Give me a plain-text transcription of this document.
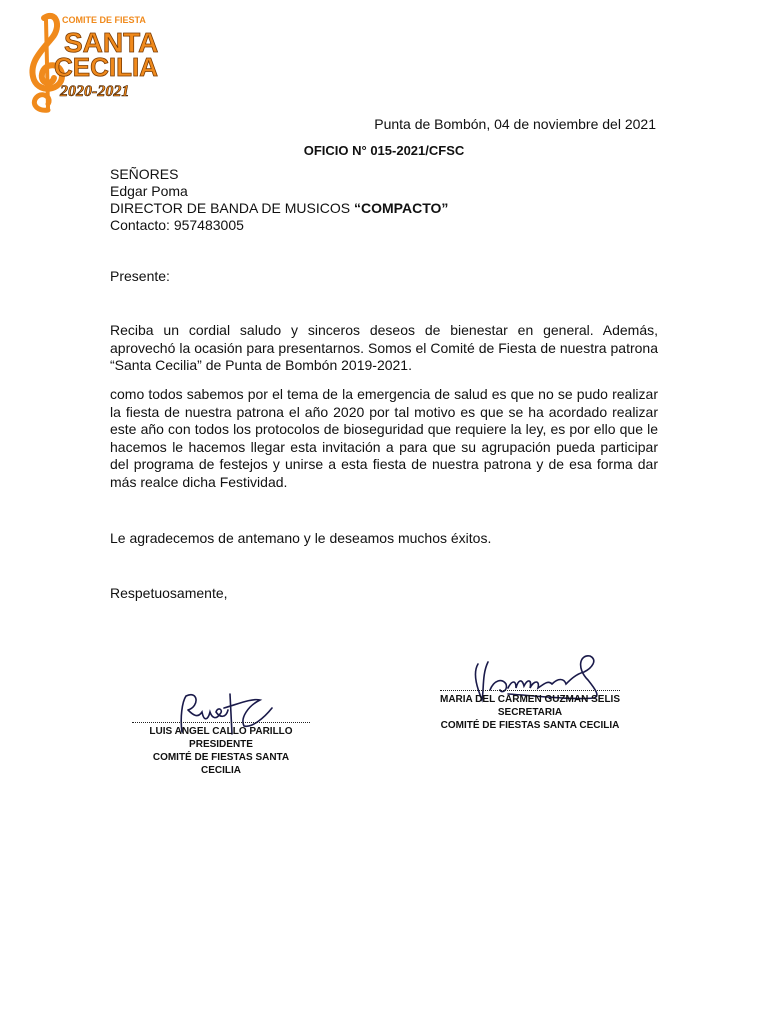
COMITE DE FIESTA
SANTA
CECILIA
2020-2021
Punta de Bombón, 04 de noviembre del 2021
OFICIO N° 015-2021/CFSC
SEÑORES
Edgar Poma
DIRECTOR DE BANDA DE MUSICOS “COMPACTO”
Contacto: 957483005
Presente:
Reciba un cordial saludo y sinceros deseos de bienestar en general. Además, aprovechó la ocasión para presentarnos. Somos el Comité de Fiesta de nuestra patrona “Santa Cecilia” de Punta de Bombón 2019-2021.
como todos sabemos por el tema de la emergencia de salud es que no se pudo realizar la fiesta de nuestra patrona el año 2020 por tal motivo es que se ha acordado realizar este año con todos los protocolos de bioseguridad que requiere la ley, es por ello que le hacemos le hacemos llegar esta invitación a para que su agrupación pueda participar del programa de festejos y unirse a esta fiesta de nuestra patrona y de esa forma dar más realce dicha Festividad.
Le agradecemos de antemano y le deseamos muchos éxitos.
Respetuosamente,
LUIS ANGEL CALLO PARILLO
PRESIDENTE
COMITÉ DE FIESTAS SANTA CECILIA
MARIA DEL CARMEN GUZMAN SELIS
SECRETARIA
COMITÉ DE FIESTAS SANTA CECILIA
